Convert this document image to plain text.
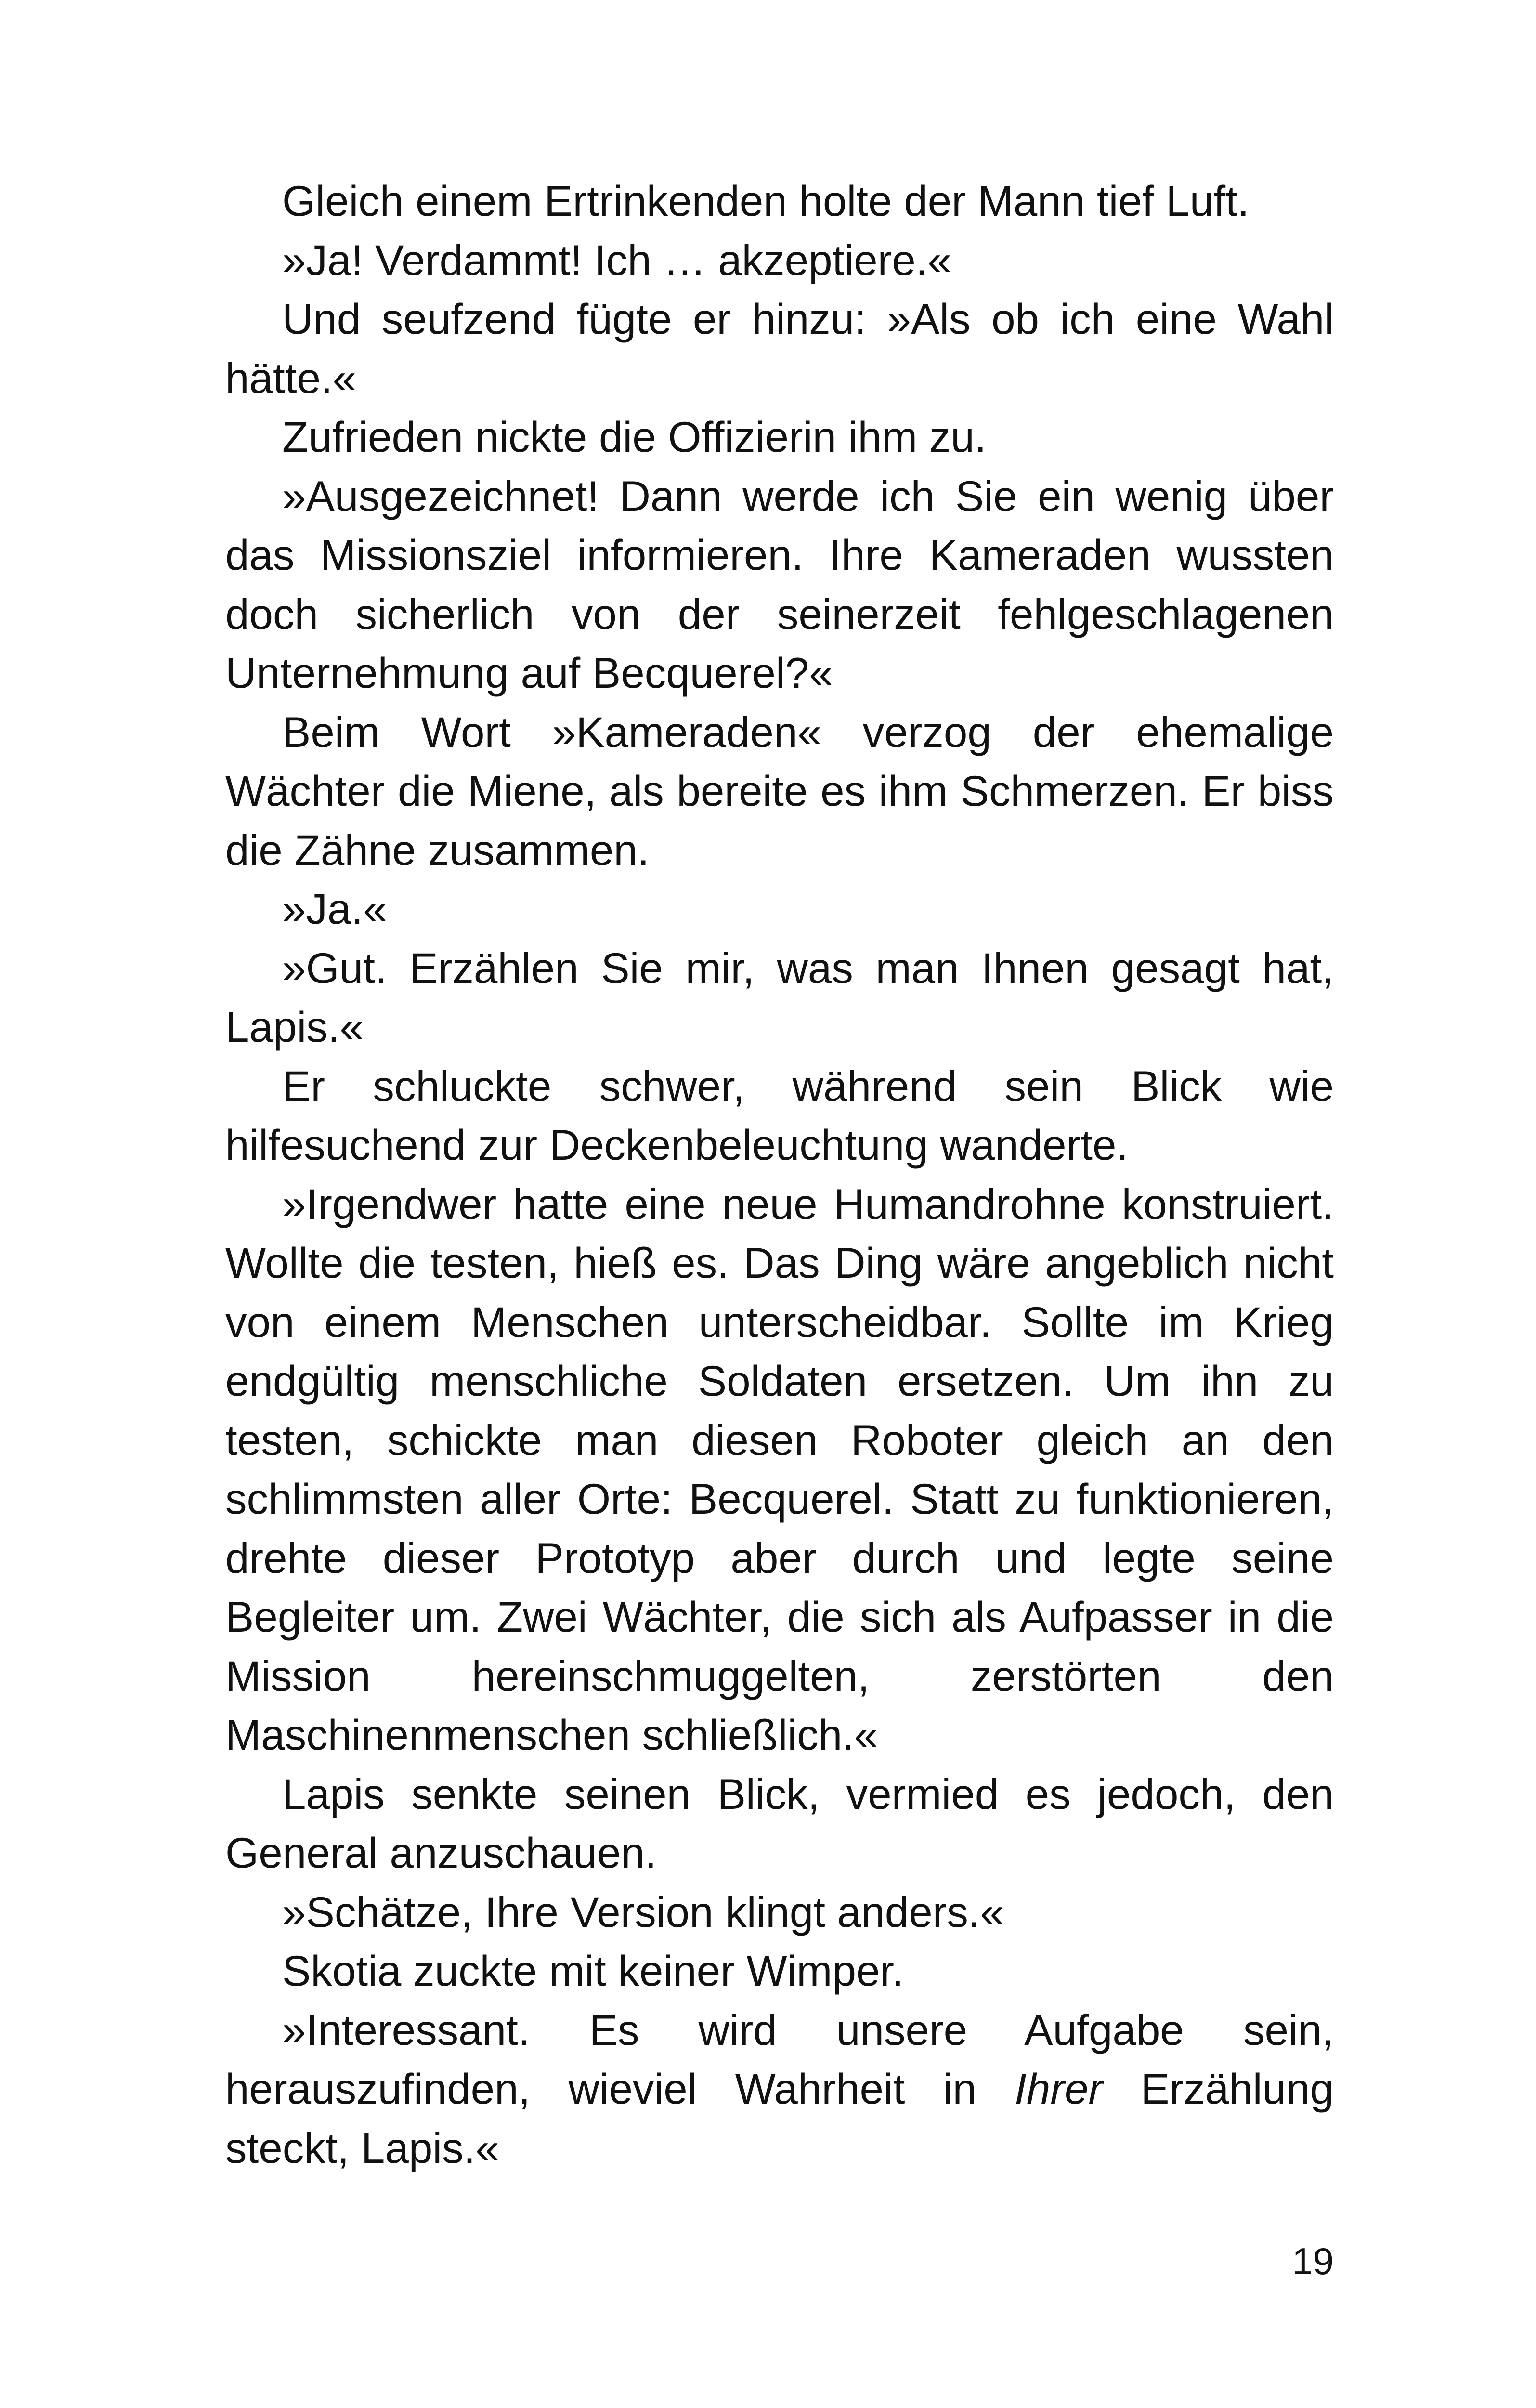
Gleich einem Ertrinkenden holte der Mann tief Luft.

»Ja! Verdammt! Ich … akzeptiere.«

Und seufzend fügte er hinzu: »Als ob ich eine Wahl hätte.«

Zufrieden nickte die Offizierin ihm zu.

»Ausgezeichnet! Dann werde ich Sie ein wenig über das Missionsziel informieren. Ihre Kameraden wussten doch sicherlich von der seinerzeit fehlgeschlagenen Unternehmung auf Becquerel?«

Beim Wort »Kameraden« verzog der ehemalige Wächter die Miene, als bereite es ihm Schmerzen. Er biss die Zähne zusammen.

»Ja.«

»Gut. Erzählen Sie mir, was man Ihnen gesagt hat, Lapis.«

Er schluckte schwer, während sein Blick wie hilfesuchend zur Deckenbeleuchtung wanderte.

»Irgendwer hatte eine neue Humandrohne konstruiert. Wollte die testen, hieß es. Das Ding wäre angeblich nicht von einem Menschen unterscheidbar. Sollte im Krieg endgültig menschliche Soldaten ersetzen. Um ihn zu testen, schickte man diesen Roboter gleich an den schlimmsten aller Orte: Becquerel. Statt zu funktionieren, drehte dieser Prototyp aber durch und legte seine Begleiter um. Zwei Wächter, die sich als Aufpasser in die Mission hereinschmuggelten, zerstörten den Maschinenmenschen schließlich.«

Lapis senkte seinen Blick, vermied es jedoch, den General anzuschauen.

»Schätze, Ihre Version klingt anders.«

Skotia zuckte mit keiner Wimper.

»Interessant. Es wird unsere Aufgabe sein, herauszufinden, wieviel Wahrheit in Ihrer Erzählung steckt, Lapis.«

19
